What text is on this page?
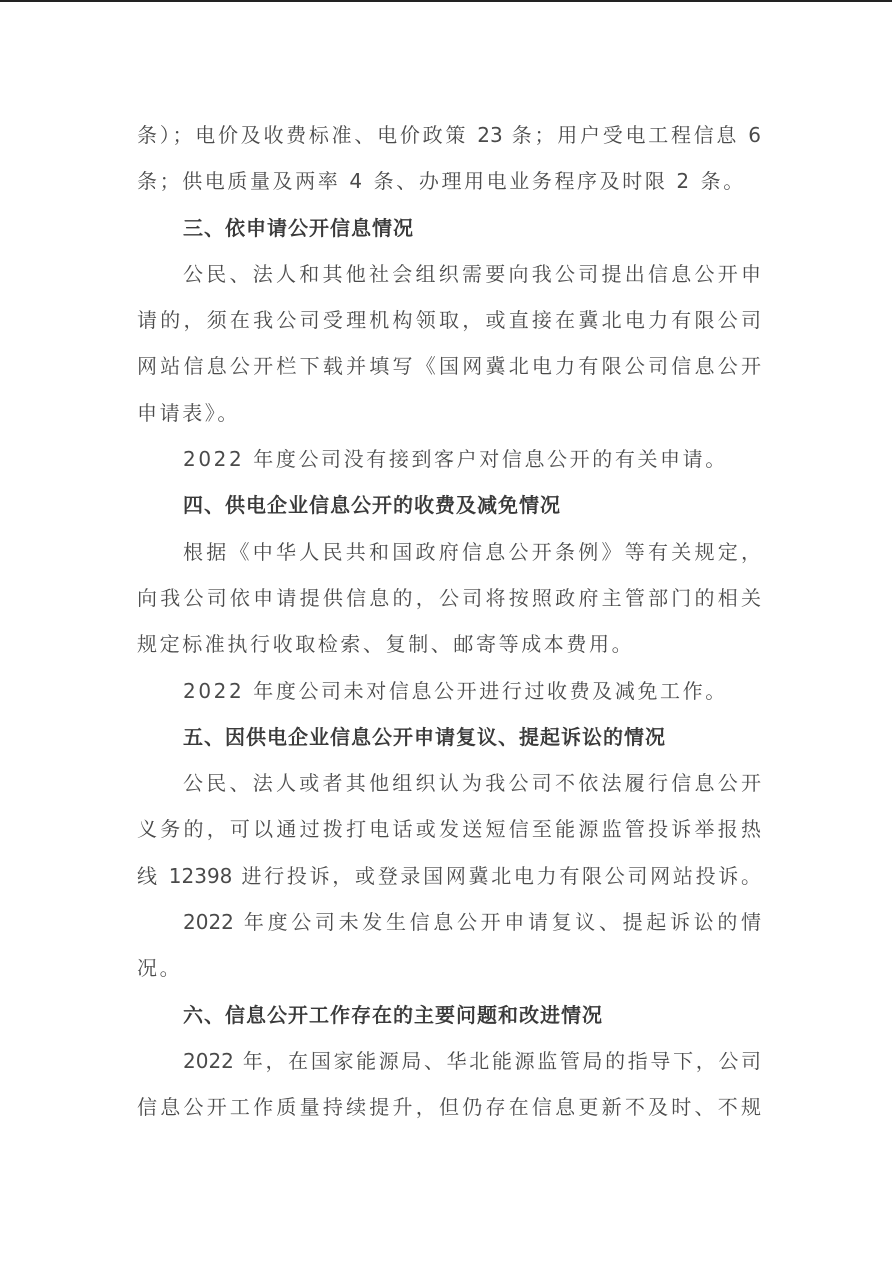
条）；电价及收费标准、电价政策 23 条；用户受电工程信息 6
条；供电质量及两率 4 条、办理用电业务程序及时限 2 条。
三、依申请公开信息情况
公民、法人和其他社会组织需要向我公司提出信息公开申
请的，须在我公司受理机构领取，或直接在冀北电力有限公司
网站信息公开栏下载并填写《国网冀北电力有限公司信息公开
申请表》。
2022 年度公司没有接到客户对信息公开的有关申请。
四、供电企业信息公开的收费及减免情况
根据《中华人民共和国政府信息公开条例》等有关规定，
向我公司依申请提供信息的，公司将按照政府主管部门的相关
规定标准执行收取检索、复制、邮寄等成本费用。
2022 年度公司未对信息公开进行过收费及减免工作。
五、因供电企业信息公开申请复议、提起诉讼的情况
公民、法人或者其他组织认为我公司不依法履行信息公开
义务的，可以通过拨打电话或发送短信至能源监管投诉举报热
线 12398 进行投诉，或登录国网冀北电力有限公司网站投诉。
2022 年度公司未发生信息公开申请复议、提起诉讼的情
况。
六、信息公开工作存在的主要问题和改进情况
2022 年，在国家能源局、华北能源监管局的指导下，公司
信息公开工作质量持续提升，但仍存在信息更新不及时、不规
